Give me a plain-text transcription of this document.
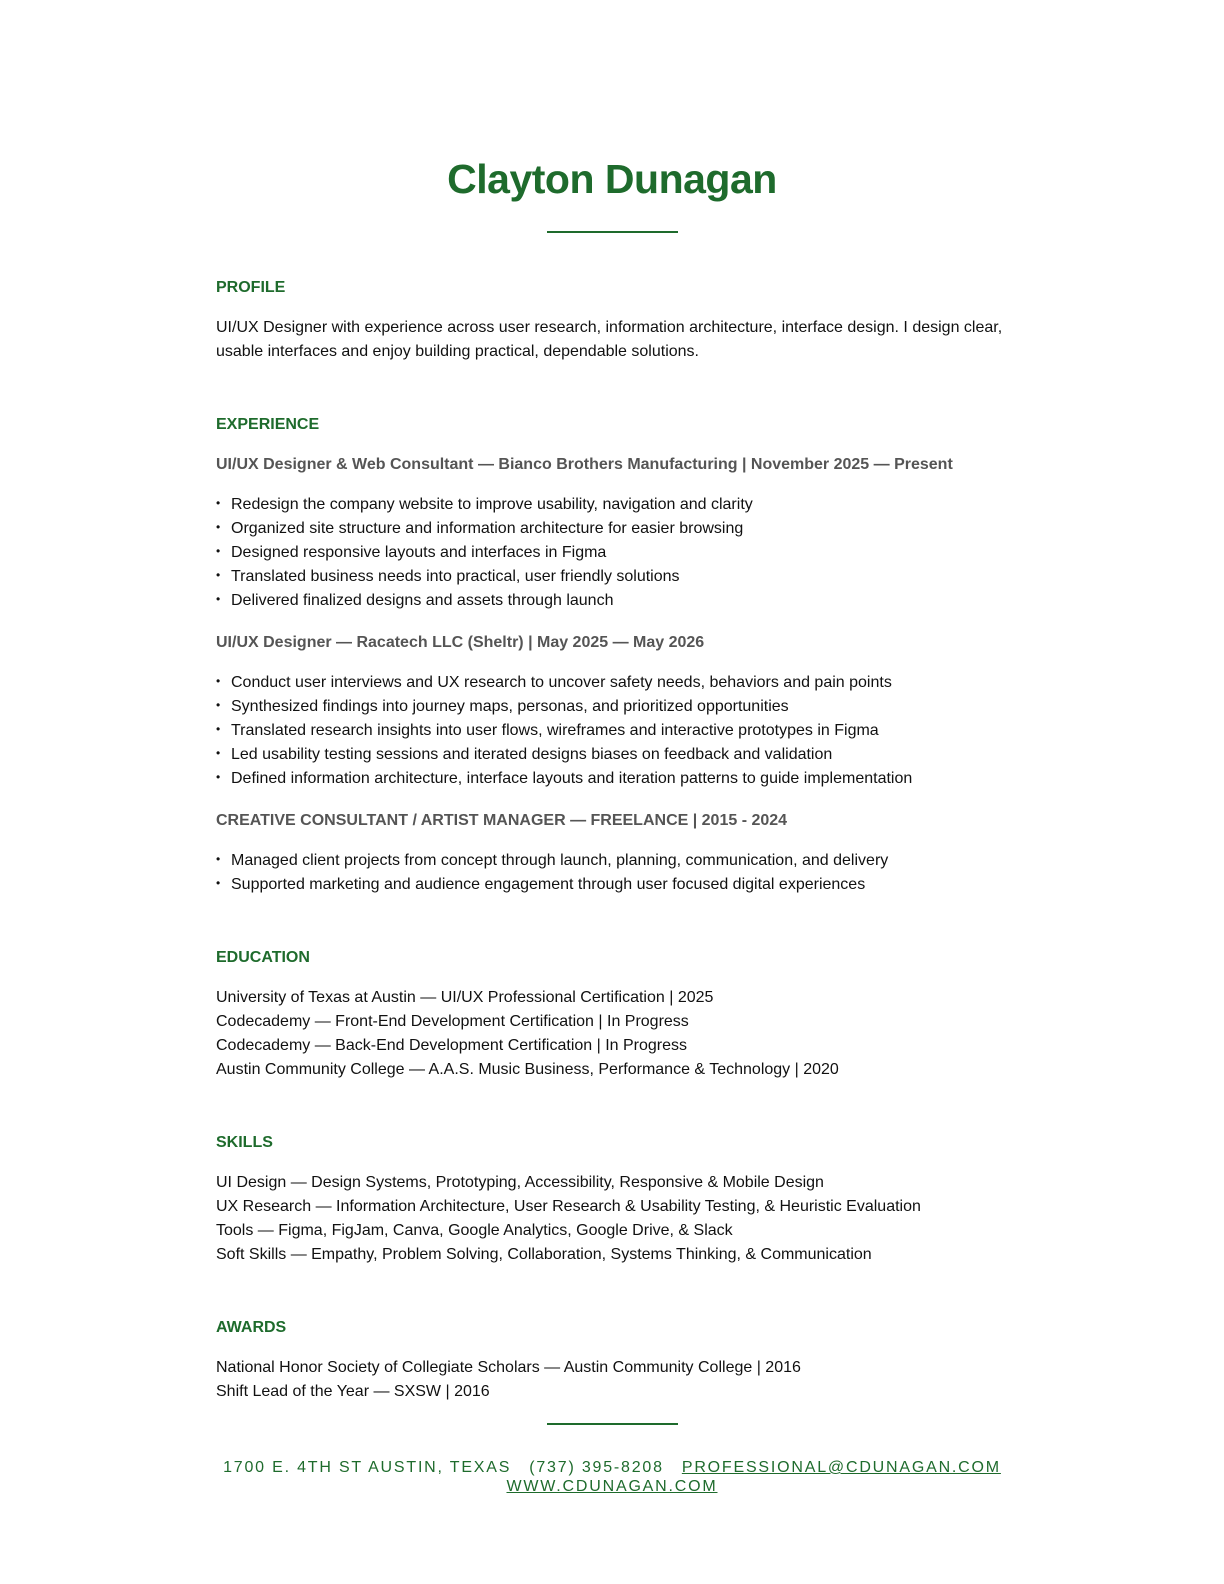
Clayton Dunagan
PROFILE

UI/UX Designer with experience across user research, information architecture, interface design. I design clear, usable interfaces and enjoy building practical, dependable solutions.

EXPERIENCE
UI/UX Designer & Web Consultant — Bianco Brothers Manufacturing | November 2025 — Present
• Redesign the company website to improve usability, navigation and clarity
• Organized site structure and information architecture for easier browsing
• Designed responsive layouts and interfaces in Figma
• Translated business needs into practical, user friendly solutions
• Delivered finalized designs and assets through launch
UI/UX Designer — Racatech LLC (Sheltr) | May 2025 — May 2026
• Conduct user interviews and UX research to uncover safety needs, behaviors and pain points
• Synthesized findings into journey maps, personas, and prioritized opportunities
• Translated research insights into user flows, wireframes and interactive prototypes in Figma
• Led usability testing sessions and iterated designs biases on feedback and validation
• Defined information architecture, interface layouts and iteration patterns to guide implementation
CREATIVE CONSULTANT / ARTIST MANAGER — FREELANCE | 2015 - 2024
• Managed client projects from concept through launch, planning, communication, and delivery
• Supported marketing and audience engagement through user focused digital experiences
EDUCATION
University of Texas at Austin — UI/UX Professional Certification | 2025
Codecademy — Front-End Development Certification | In Progress
Codecademy — Back-End Development Certification | In Progress
Austin Community College — A.A.S. Music Business, Performance & Technology | 2020
SKILLS
UI Design — Design Systems, Prototyping, Accessibility, Responsive & Mobile Design
UX Research — Information Architecture, User Research & Usability Testing, & Heuristic Evaluation
Tools — Figma, FigJam, Canva, Google Analytics, Google Drive, & Slack
Soft Skills — Empathy, Problem Solving, Collaboration, Systems Thinking, & Communication
AWARDS
National Honor Society of Collegiate Scholars — Austin Community College | 2016
Shift Lead of the Year — SXSW | 2016
1700 E. 4TH ST AUSTIN, TEXAS (737) 395-8208 PROFESSIONAL@CDUNAGAN.COM
WWW.CDUNAGAN.COM
